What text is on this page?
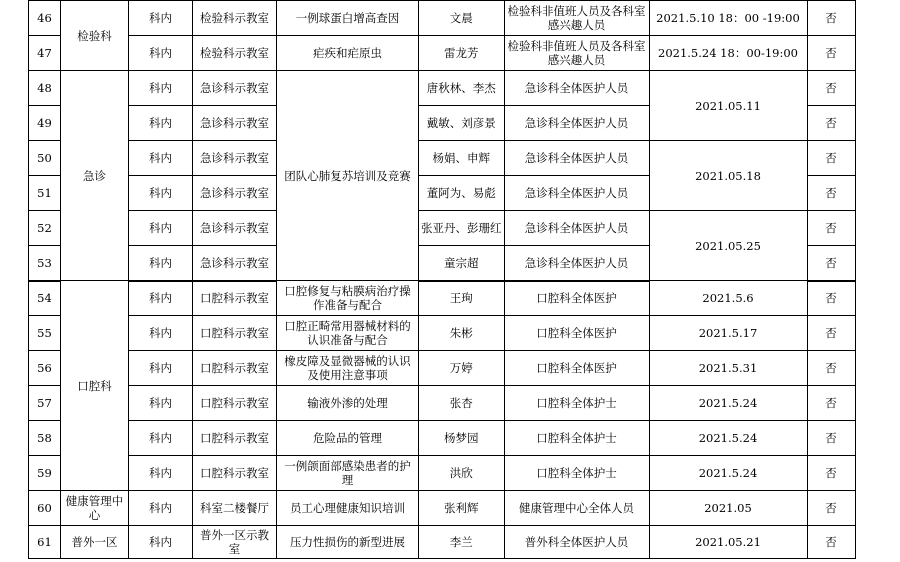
46	检验科	科内	检验科示教室	一例球蛋白增高查因	文晨	检验科非值班人员及各科室感兴趣人员	2021.5.10 18：00 -19:00	否
47		科内	检验科示教室	疟疾和疟原虫	雷龙芳	检验科非值班人员及各科室感兴趣人员	2021.5.24 18：00-19:00	否
48	急诊	科内	急诊科示教室	团队心肺复苏培训及竞赛	唐秋林、李杰	急诊科全体医护人员	2021.05.11	否
49		科内	急诊科示教室		戴敏、刘彦景	急诊科全体医护人员		否
50		科内	急诊科示教室		杨娟、申辉	急诊科全体医护人员	2021.05.18	否
51		科内	急诊科示教室		董阿为、易彪	急诊科全体医护人员		否
52		科内	急诊科示教室		张亚丹、彭珊红	急诊科全体医护人员	2021.05.25	否
53		科内	急诊科示教室		童宗超	急诊科全体医护人员		否
54	口腔科	科内	口腔科示教室	口腔修复与粘膜病治疗操作准备与配合	王珣	口腔科全体医护	2021.5.6	否
55		科内	口腔科示教室	口腔正畸常用器械材料的认识准备与配合	朱彬	口腔科全体医护	2021.5.17	否
56		科内	口腔科示教室	橡皮障及显微器械的认识及使用注意事项	万婷	口腔科全体医护	2021.5.31	否
57		科内	口腔科示教室	输液外渗的处理	张杏	口腔科全体护士	2021.5.24	否
58		科内	口腔科示教室	危险品的管理	杨梦园	口腔科全体护士	2021.5.24	否
59		科内	口腔科示教室	一例颌面部感染患者的护理	洪欣	口腔科全体护士	2021.5.24	否
60	健康管理中心	科内	科室二楼餐厅	员工心理健康知识培训	张利辉	健康管理中心全体人员	2021.05	否
61	普外一区	科内	普外一区示教室	压力性损伤的新型进展	李兰	普外科全体医护人员	2021.05.21	否
